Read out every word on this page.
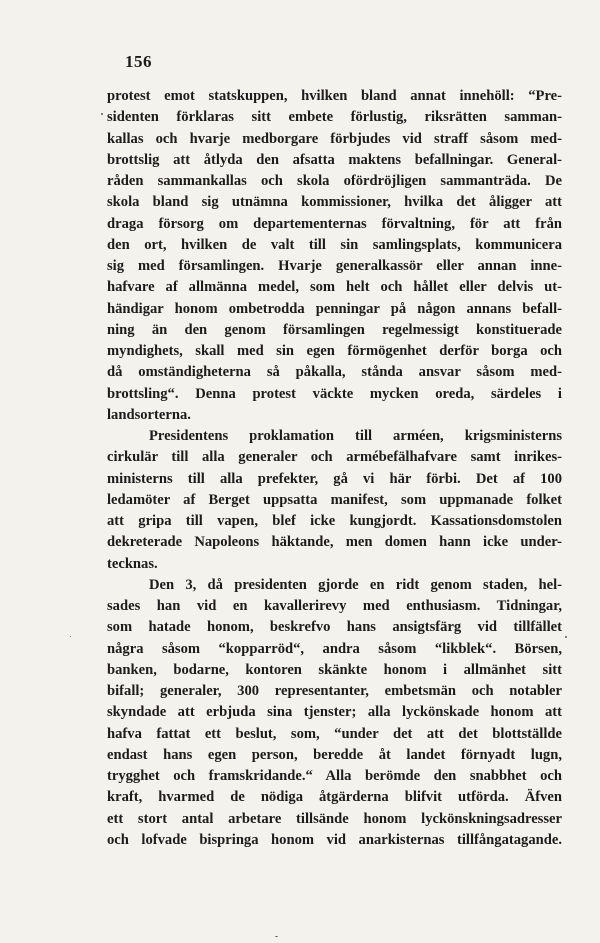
156
protest emot statskuppen, hvilken bland annat innehöll: “Pre-
sidenten förklaras sitt embete förlustig, riksrätten samman-
kallas och hvarje medborgare förbjudes vid straff såsom med-
brottslig att åtlyda den afsatta maktens befallningar. General-
råden sammankallas och skola ofördröjligen sammanträda. De
skola bland sig utnämna kommissioner, hvilka det åligger att
draga försorg om departementernas förvaltning, för att från
den ort, hvilken de valt till sin samlingsplats, kommunicera
sig med församlingen. Hvarje generalkassör eller annan inne-
hafvare af allmänna medel, som helt och hållet eller delvis ut-
händigar honom ombetrodda penningar på någon annans befall-
ning än den genom församlingen regelmessigt konstituerade
myndighets, skall med sin egen förmögenhet derför borga och
då omständigheterna så påkalla, stånda ansvar såsom med-
brottsling“. Denna protest väckte mycken oreda, särdeles i
landsorterna.
Presidentens proklamation till arméen, krigsministerns
cirkulär till alla generaler och armébefälhafvare samt inrikes-
ministerns till alla prefekter, gå vi här förbi. Det af 100
ledamöter af Berget uppsatta manifest, som uppmanade folket
att gripa till vapen, blef icke kungjordt. Kassationsdomstolen
dekreterade Napoleons häktande, men domen hann icke under-
tecknas.
Den 3, då presidenten gjorde en ridt genom staden, hel-
sades han vid en kavallerirevy med enthusiasm. Tidningar,
som hatade honom, beskrefvo hans ansigtsfärg vid tillfället
några såsom “kopparröd“, andra såsom “likblek“. Börsen,
banken, bodarne, kontoren skänkte honom i allmänhet sitt
bifall; generaler, 300 representanter, embetsmän och notabler
skyndade att erbjuda sina tjenster; alla lyckönskade honom att
hafva fattat ett beslut, som, “under det att det blottställde
endast hans egen person, beredde åt landet förnyadt lugn,
trygghet och framskridande.“ Alla berömde den snabbhet och
kraft, hvarmed de nödiga åtgärderna blifvit utförda. Äfven
ett stort antal arbetare tillsände honom lyckönskningsadresser
och lofvade bispringa honom vid anarkisternas tillfångatagande.
